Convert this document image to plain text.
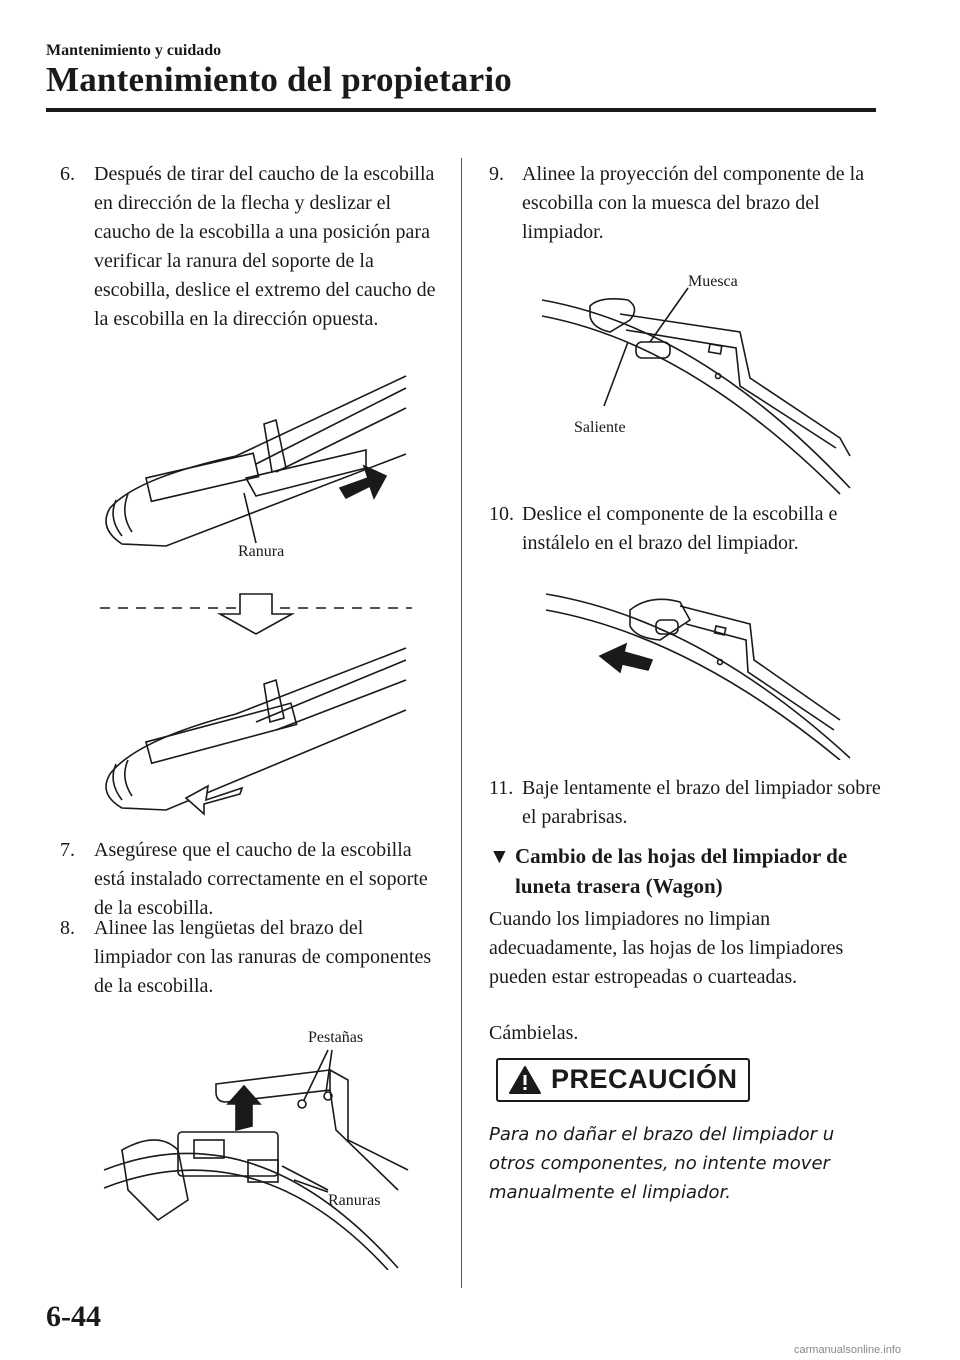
Mantenimiento y cuidado
Mantenimiento del propietario
6. Después de tirar del caucho de la escobilla en dirección de la flecha y deslizar el caucho de la escobilla a una posición para verificar la ranura del soporte de la escobilla, deslice el extremo del caucho de la escobilla en la dirección opuesta.
Ranura
7. Asegúrese que el caucho de la escobilla está instalado correctamente en el soporte de la escobilla.
8. Alinee las lengüetas del brazo del limpiador con las ranuras de componentes de la escobilla.
Pestañas
Ranuras
9. Alinee la proyección del componente de la escobilla con la muesca del brazo del limpiador.
Muesca
Saliente
10. Deslice el componente de la escobilla e instálelo en el brazo del limpiador.
11. Baje lentamente el brazo del limpiador sobre el parabrisas.
▼ Cambio de las hojas del limpiador de luneta trasera (Wagon)
Cuando los limpiadores no limpian adecuadamente, las hojas de los limpiadores pueden estar estropeadas o cuarteadas.
Cámbielas.
PRECAUCIÓN
Para no dañar el brazo del limpiador u otros componentes, no intente mover manualmente el limpiador.
6-44
carmanualsonline.info
